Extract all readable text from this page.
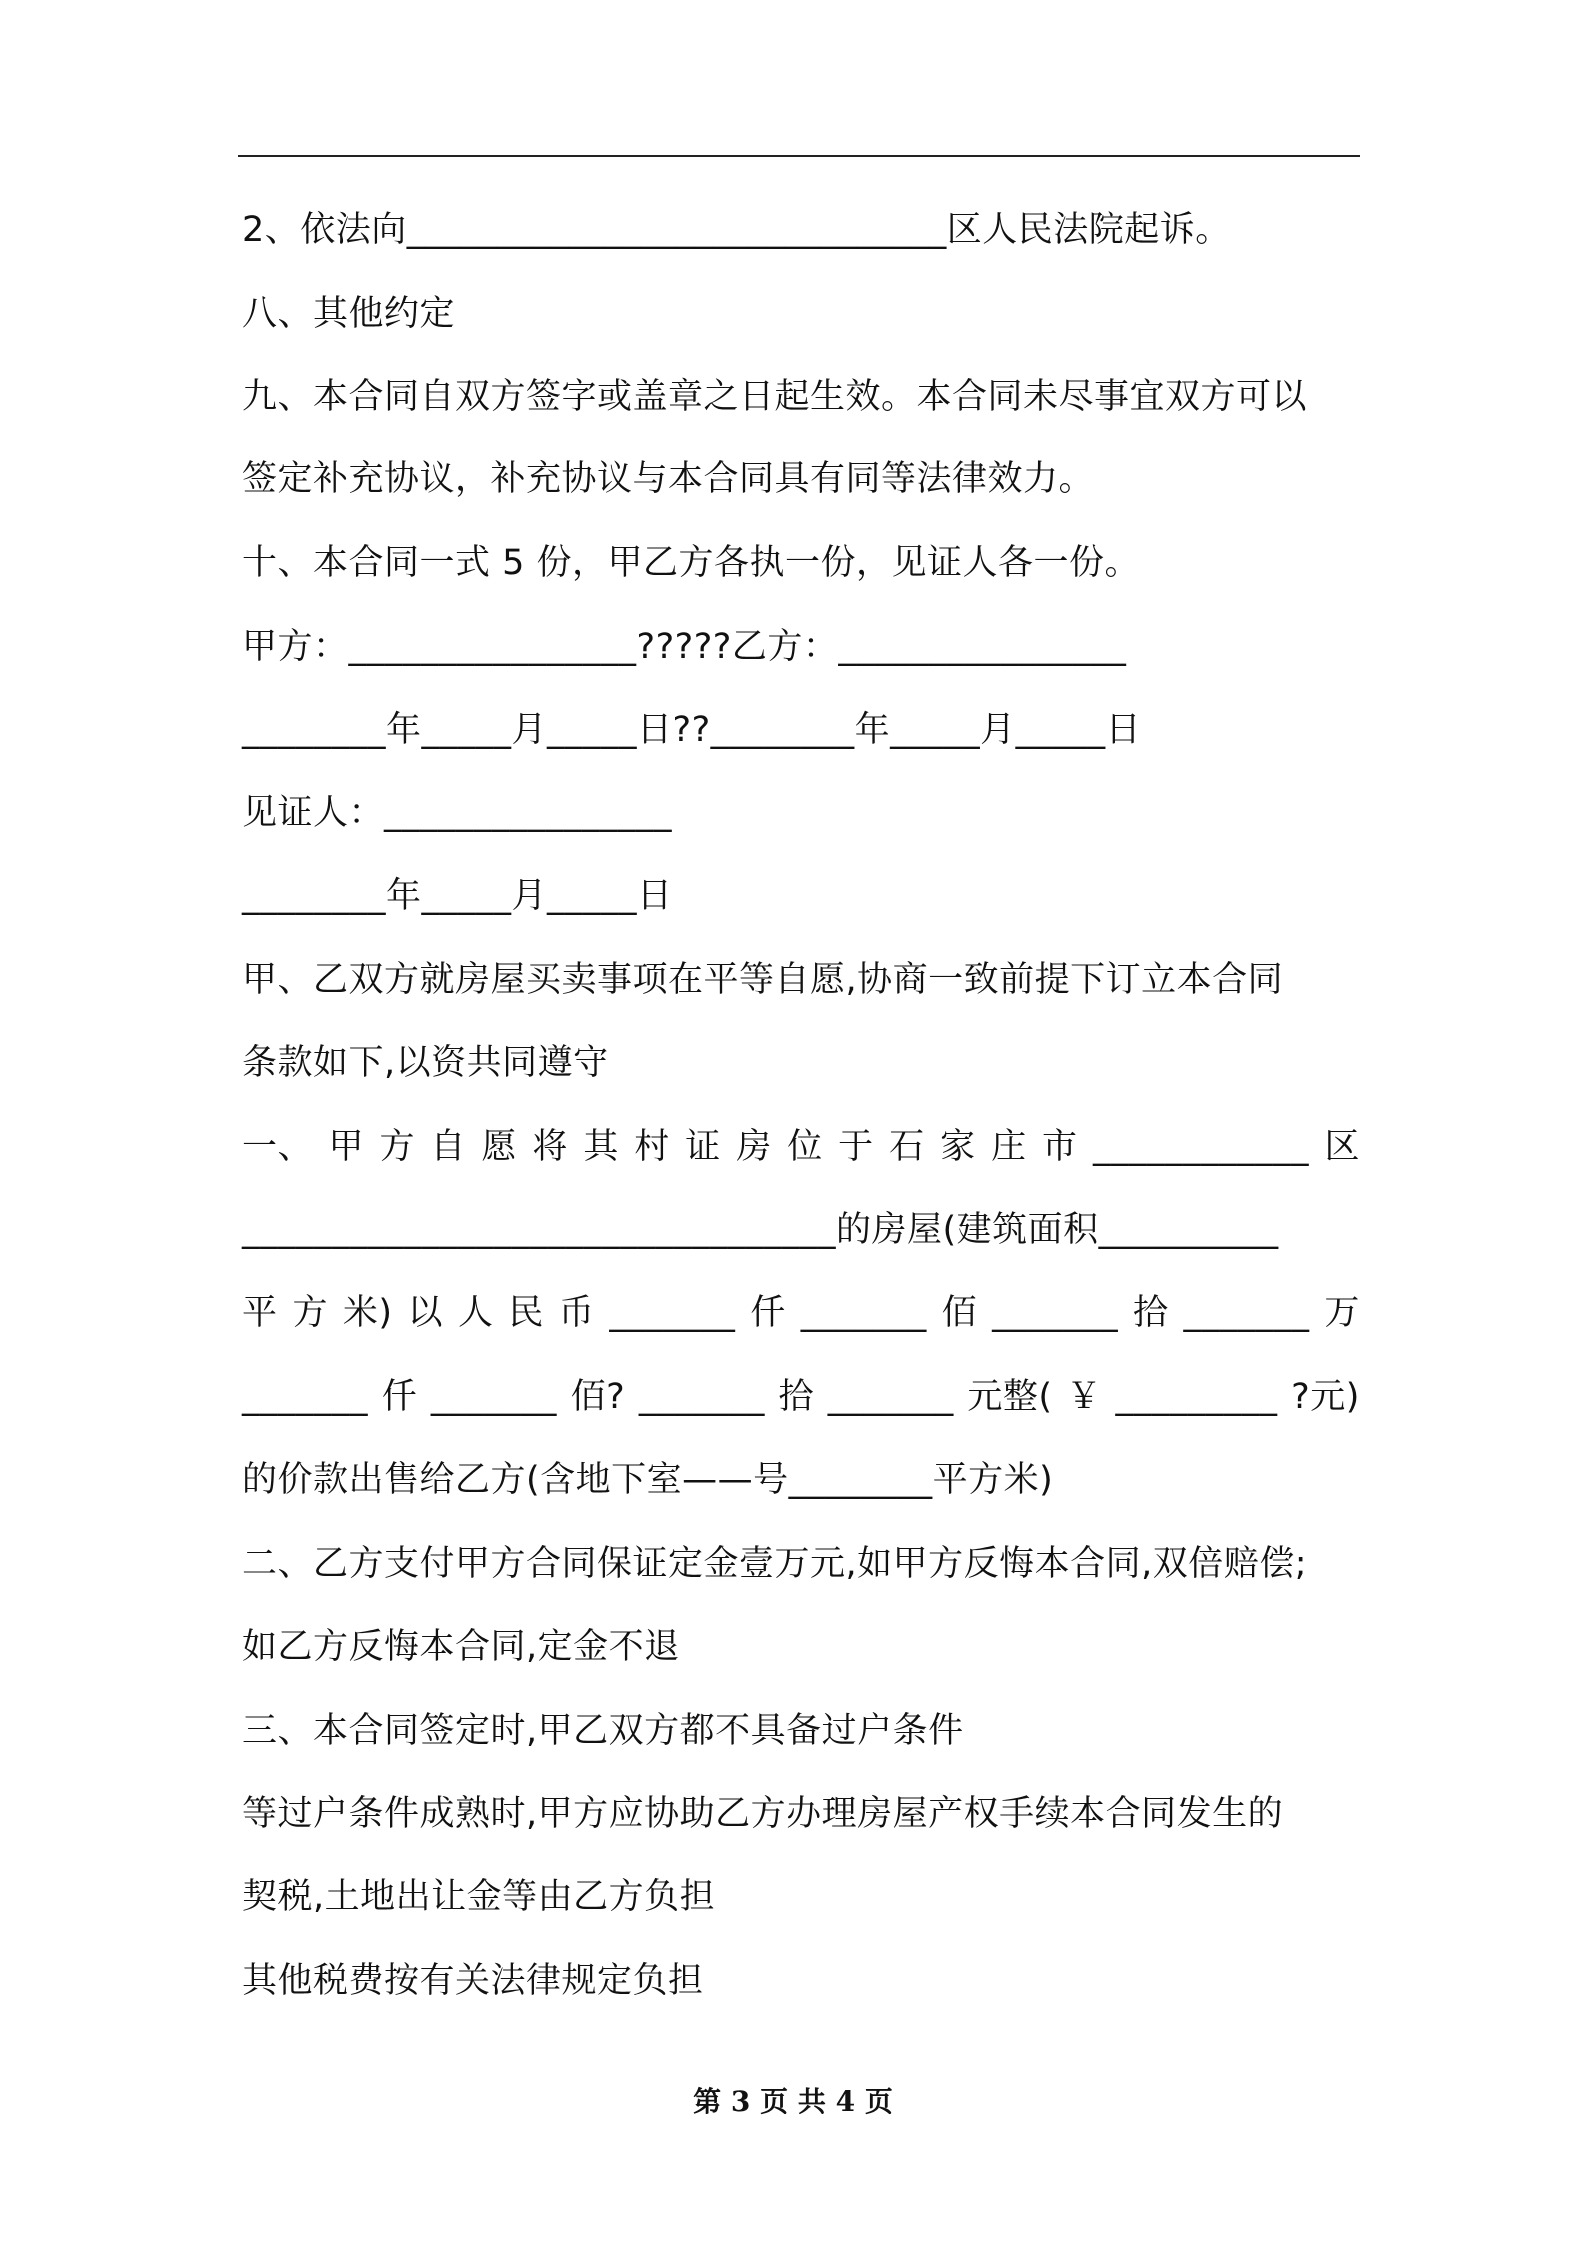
2、依法向______________________________区人民法院起诉。
八、其他约定
九、本合同自双方签字或盖章之日起生效。本合同未尽事宜双方可以
签定补充协议，补充协议与本合同具有同等法律效力。
十、本合同一式 5 份，甲乙方各执一份，见证人各一份。
甲方：________________?????乙方：________________
________年_____月_____日??________年_____月_____日
见证人：________________
________年_____月_____日
甲、乙双方就房屋买卖事项在平等自愿,协商一致前提下订立本合同
条款如下,以资共同遵守
一、 甲 方 自 愿 将 其 村 证 房 位 于 石 家 庄 市 ____________ 区
_________________________________的房屋(建筑面积__________
平 方 米) 以 人 民 币 _______ 仟 _______ 佰 _______ 拾 _______ 万
_______ 仟 _______ 佰? _______ 拾 _______ 元整( ￥ _________ ?元)
的价款出售给乙方(含地下室——号________平方米)
二、乙方支付甲方合同保证定金壹万元,如甲方反悔本合同,双倍赔偿;
如乙方反悔本合同,定金不退
三、本合同签定时,甲乙双方都不具备过户条件
等过户条件成熟时,甲方应协助乙方办理房屋产权手续本合同发生的
契税,土地出让金等由乙方负担
其他税费按有关法律规定负担
第 3 页 共 4 页
